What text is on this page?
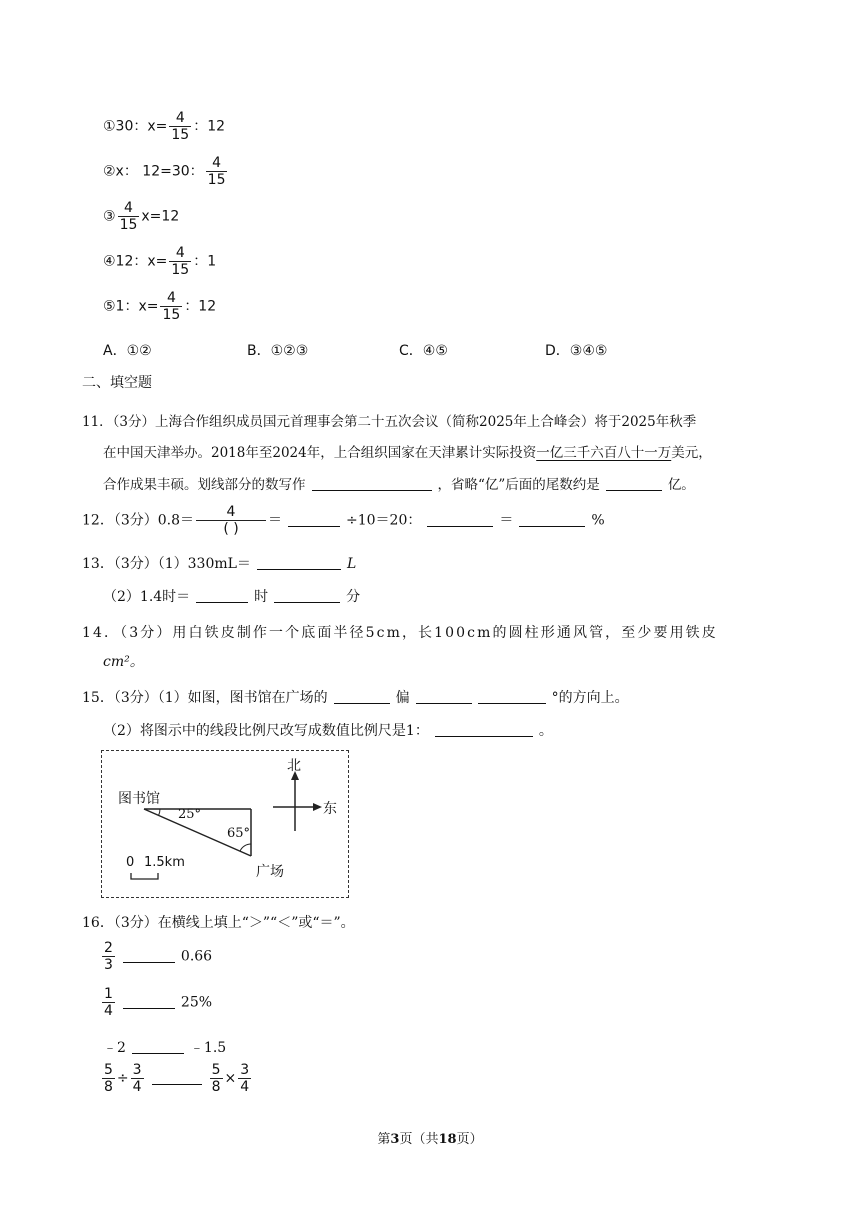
①30：$x= \frac{4}{15}$ ：12
②x： 12=30： $\frac{4}{15}$
③ $\frac{4}{15} x=12$
④12：$x= \frac{4}{15}$ ：1
⑤1：$x= \frac{4}{15}$ ：12
A．①②	B．①②③	C．④⑤	D．③④⑤
二、填空题
11．（3分）上海合作组织成员国元首理事会第二十五次会议（简称2025年上合峰会）将于2025年秋季
在中国天津举办。2018年至2024年，上合组织国家在天津累计实际投资一亿三千六百八十一万美元，
合作成果丰硕。划线部分的数写作	，省略“亿”后面的尾数约是	亿。
12．（3分）$0.8= \frac{4}{( )}$ ＝	÷10＝20：	＝	%
13．（3分）（1）330mL＝	L
（2）1.4时＝	时	分
14．（3分）用白铁皮制作一个底面半径5cm，长100cm的圆柱形通风管，至少要用铁皮
cm²。
15．（3分）（1）如图，图书馆在广场的	偏	°的方向上。
（2）将图示中的线段比例尺改写成数值比例尺是1：	。
图书馆
25°
65°
广场
北
东
0 1.5km
16．（3分）在横线上填上“＞”“＜”或“＝”。
$\frac{2}{3}$	0.66
$\frac{1}{4}$	25%
﹣2	﹣1.5
$\frac{5}{8} \div \frac{3}{4}$	$\frac{5}{8} \times \frac{3}{4}$
第3页（共18页）
